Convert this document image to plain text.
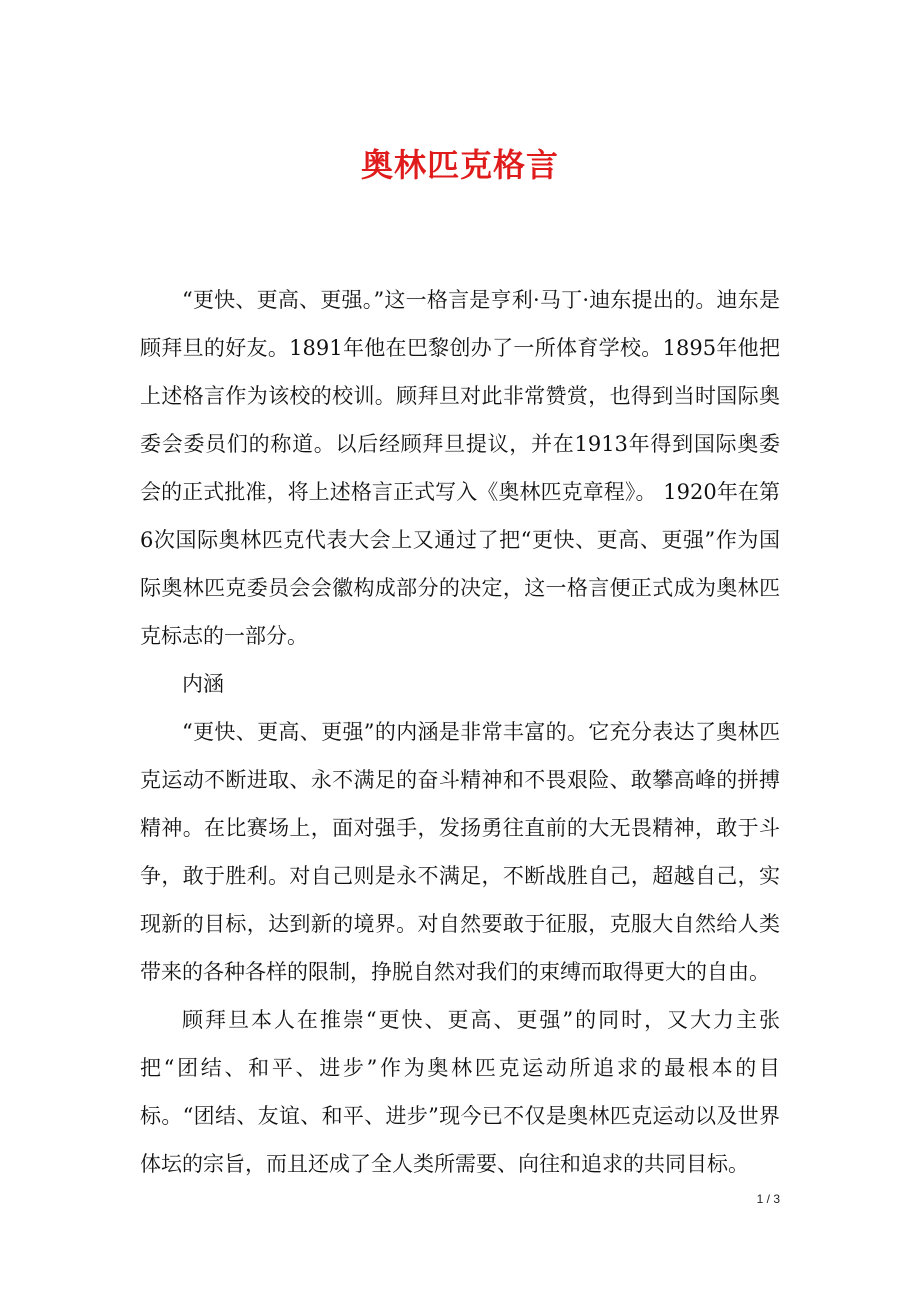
奥林匹克格言

“更快、更高、更强。”这一格言是亨利·马丁·迪东提出的。迪东是顾拜旦的好友。1891年他在巴黎创办了一所体育学校。1895年他把上述格言作为该校的校训。顾拜旦对此非常赞赏，也得到当时国际奥委会委员们的称道。以后经顾拜旦提议，并在1913年得到国际奥委会的正式批准，将上述格言正式写入《奥林匹克章程》。 1920年在第6次国际奥林匹克代表大会上又通过了把“更快、更高、更强”作为国际奥林匹克委员会会徽构成部分的决定，这一格言便正式成为奥林匹克标志的一部分。

内涵

“更快、更高、更强”的内涵是非常丰富的。它充分表达了奥林匹克运动不断进取、永不满足的奋斗精神和不畏艰险、敢攀高峰的拼搏精神。在比赛场上，面对强手，发扬勇往直前的大无畏精神，敢于斗争，敢于胜利。对自己则是永不满足，不断战胜自己，超越自己，实现新的目标，达到新的境界。对自然要敢于征服，克服大自然给人类带来的各种各样的限制，挣脱自然对我们的束缚而取得更大的自由。

顾拜旦本人在推崇“更快、更高、更强”的同时，又大力主张把“团结、和平、进步”作为奥林匹克运动所追求的最根本的目标。“团结、友谊、和平、进步”现今已不仅是奥林匹克运动以及世界体坛的宗旨，而且还成了全人类所需要、向往和追求的共同目标。

1 / 3
